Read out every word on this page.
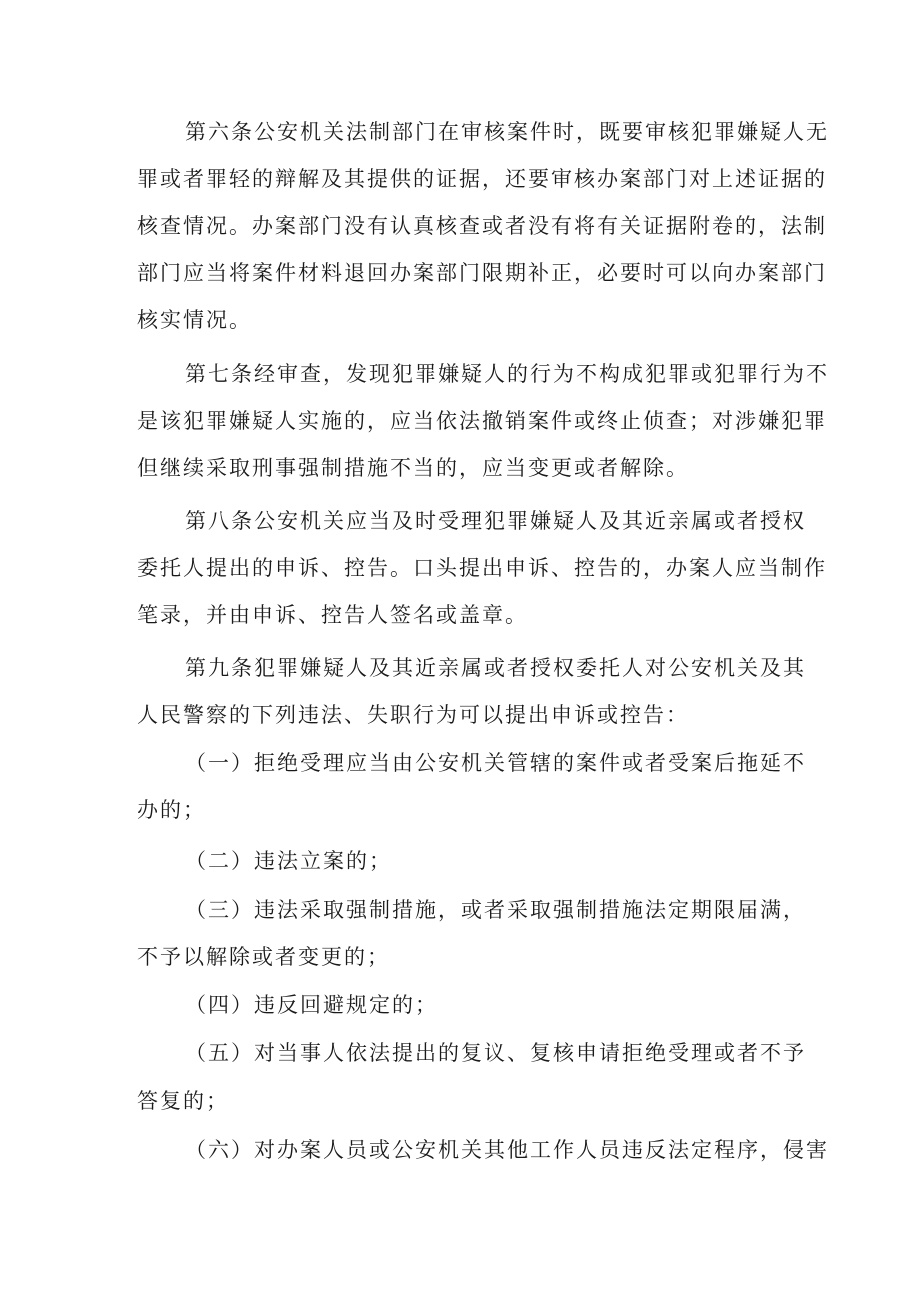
第六条公安机关法制部门在审核案件时，既要审核犯罪嫌疑人无
罪或者罪轻的辩解及其提供的证据，还要审核办案部门对上述证据的
核查情况。办案部门没有认真核查或者没有将有关证据附卷的，法制
部门应当将案件材料退回办案部门限期补正，必要时可以向办案部门
核实情况。
第七条经审查，发现犯罪嫌疑人的行为不构成犯罪或犯罪行为不
是该犯罪嫌疑人实施的，应当依法撤销案件或终止侦查；对涉嫌犯罪
但继续采取刑事强制措施不当的，应当变更或者解除。
第八条公安机关应当及时受理犯罪嫌疑人及其近亲属或者授权
委托人提出的申诉、控告。口头提出申诉、控告的，办案人应当制作
笔录，并由申诉、控告人签名或盖章。
第九条犯罪嫌疑人及其近亲属或者授权委托人对公安机关及其
人民警察的下列违法、失职行为可以提出申诉或控告：
（一）拒绝受理应当由公安机关管辖的案件或者受案后拖延不
办的；
（二）违法立案的；
（三）违法采取强制措施，或者采取强制措施法定期限届满，
不予以解除或者变更的；
（四）违反回避规定的；
（五）对当事人依法提出的复议、复核申请拒绝受理或者不予
答复的；
（六）对办案人员或公安机关其他工作人员违反法定程序，侵害
